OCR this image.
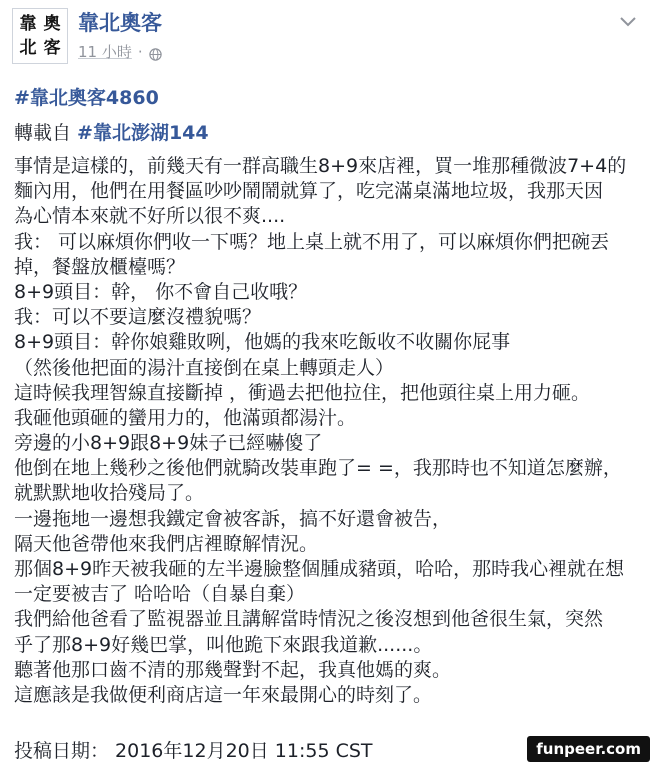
靠 奧
北 客
靠北奧客
11 小時 ·
#靠北奧客4860
轉載自 #靠北澎湖144
事情是這樣的，前幾天有一群高職生8+9來店裡，買一堆那種微波7+4的
麵內用，他們在用餐區吵吵鬧鬧就算了，吃完滿桌滿地垃圾，我那天因
為心情本來就不好所以很不爽....
我： 可以麻煩你們收一下嗎？地上桌上就不用了，可以麻煩你們把碗丟
掉，餐盤放櫃檯嗎？
8+9頭目：幹， 你不會自己收哦？
我：可以不要這麼沒禮貌嗎？
8+9頭目：幹你娘雞敗咧，他媽的我來吃飯收不收關你屁事
（然後他把面的湯汁直接倒在桌上轉頭走人）
這時候我理智線直接斷掉 ，衝過去把他拉住，把他頭往桌上用力砸。
我砸他頭砸的蠻用力的，他滿頭都湯汁。
旁邊的小8+9跟8+9妹子已經嚇傻了
他倒在地上幾秒之後他們就騎改裝車跑了= =，我那時也不知道怎麼辦，
就默默地收拾殘局了。
一邊拖地一邊想我鐵定會被客訴，搞不好還會被告，
隔天他爸帶他來我們店裡瞭解情況。
那個8+9昨天被我砸的左半邊臉整個腫成豬頭，哈哈，那時我心裡就在想
一定要被吉了 哈哈哈（自暴自棄）
我們給他爸看了監視器並且講解當時情況之後沒想到他爸很生氣，突然
乎了那8+9好幾巴掌，叫他跪下來跟我道歉......。
聽著他那口齒不清的那幾聲對不起，我真他媽的爽。
這應該是我做便利商店這一年來最開心的時刻了。
投稿日期： 2016年12月20日 11:55 CST	funpeer.com
